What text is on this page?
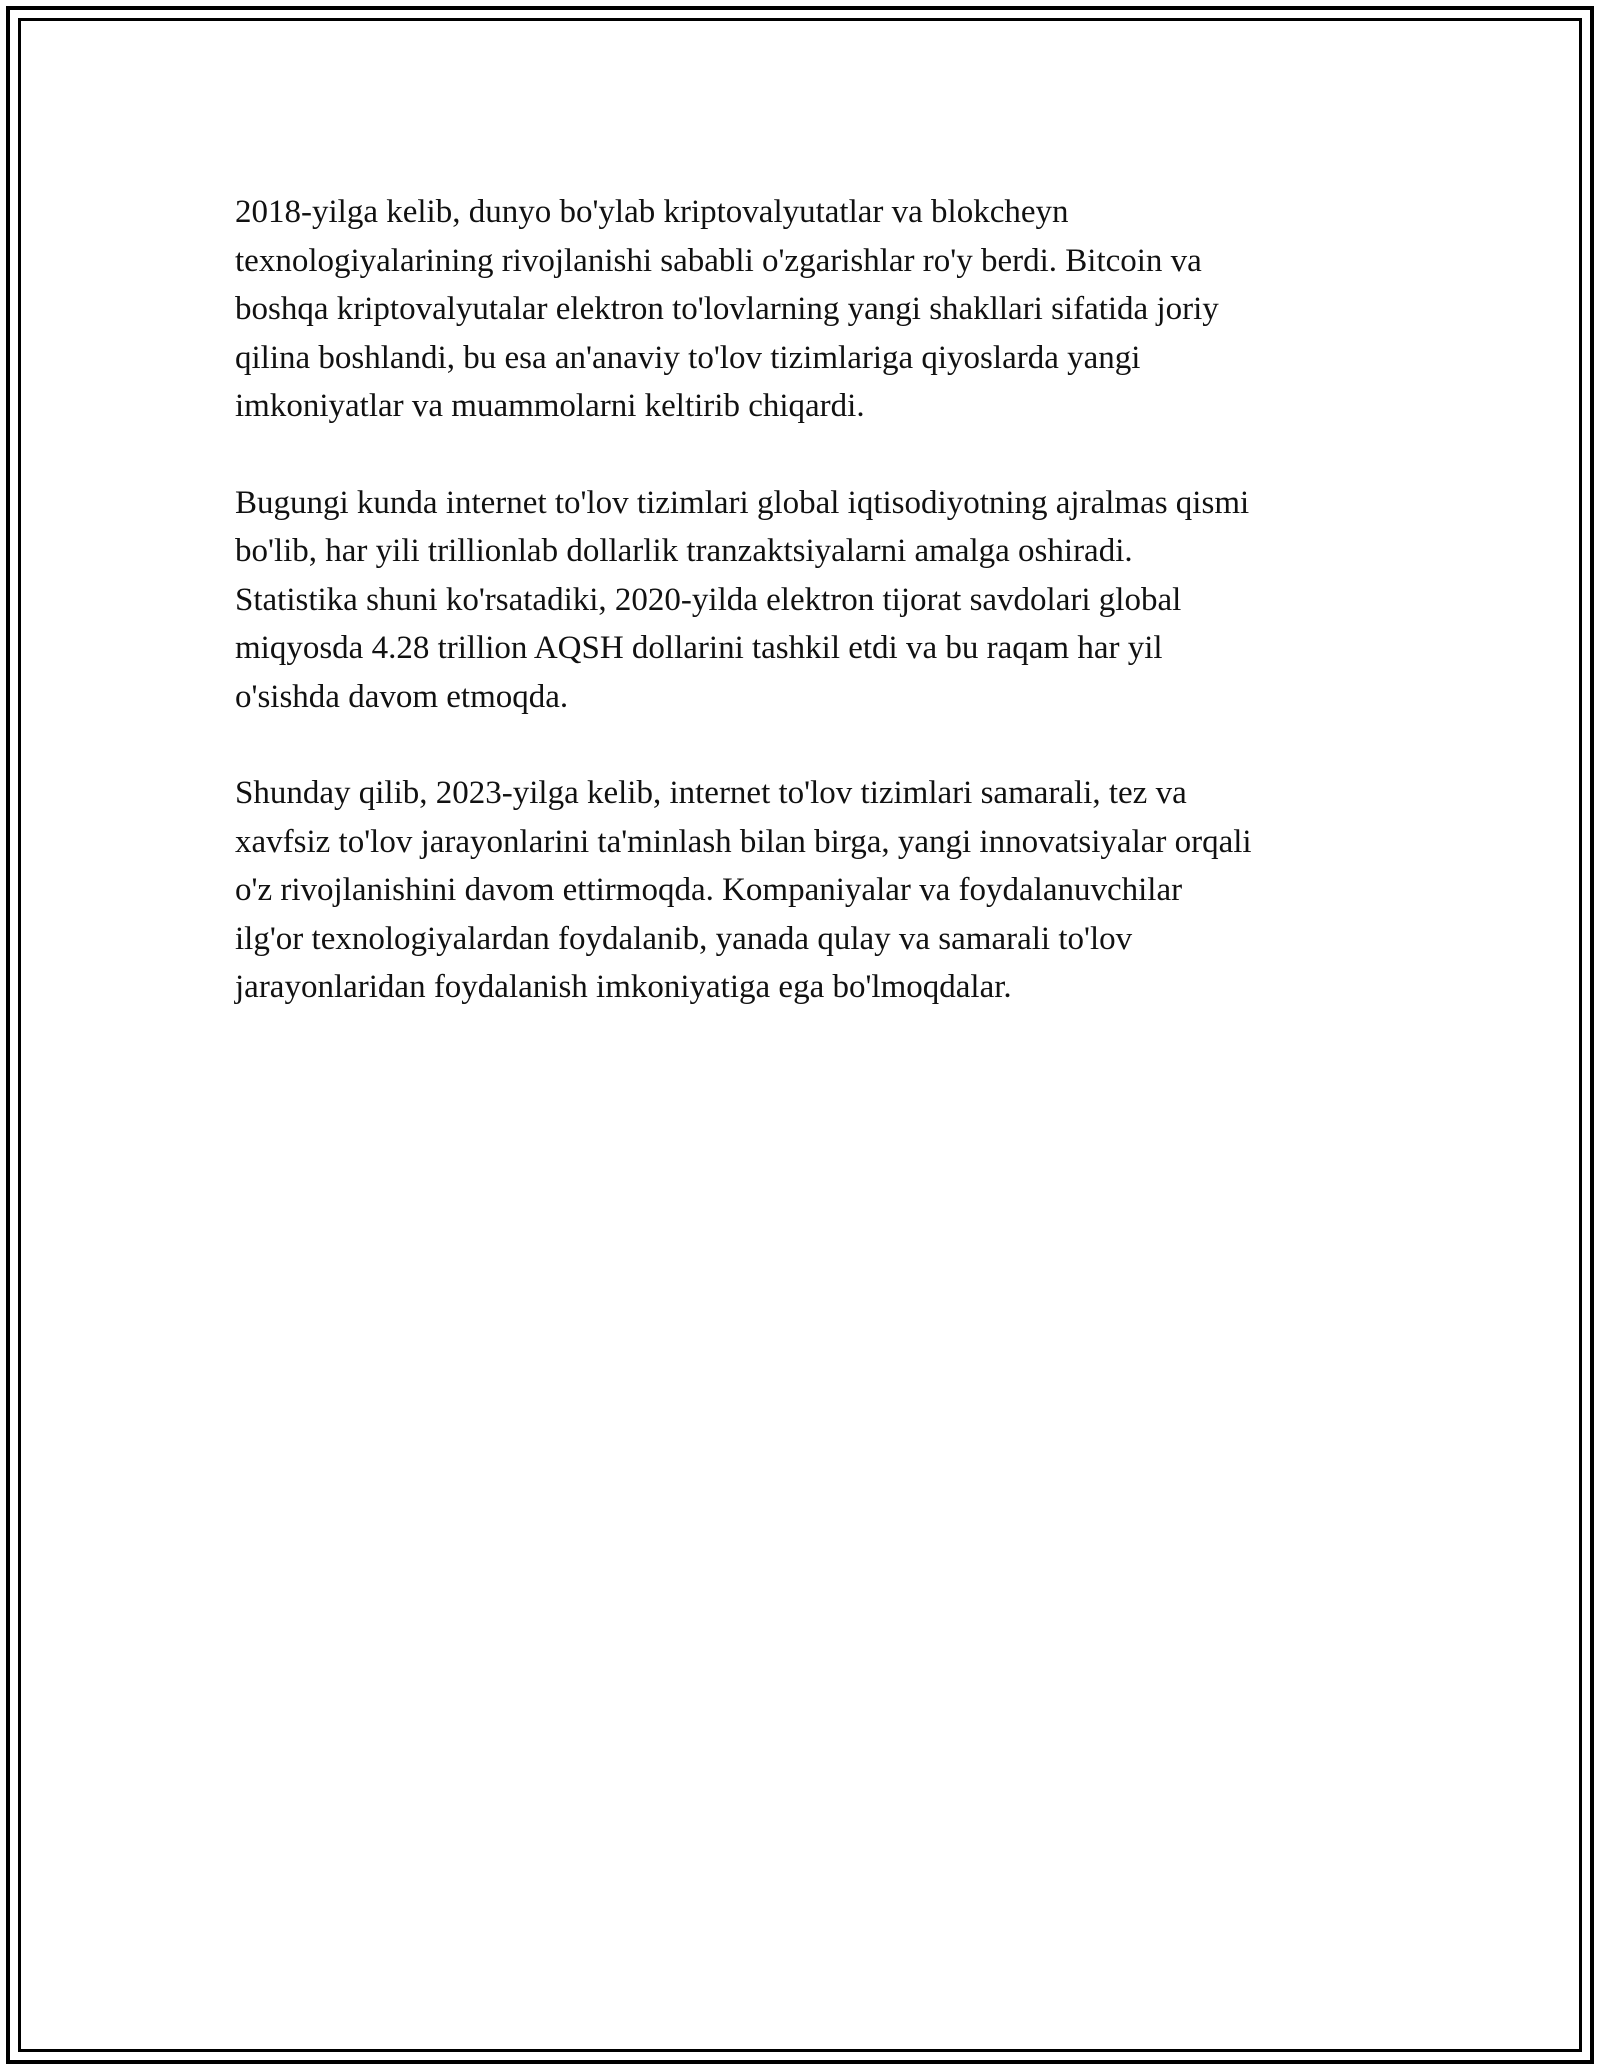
2018-yilga kelib, dunyo bo'ylab kriptovalyutatlar va blokcheyn
texnologiyalarining rivojlanishi sababli o'zgarishlar ro'y berdi. Bitcoin va
boshqa kriptovalyutalar elektron to'lovlarning yangi shakllari sifatida joriy
qilina boshlandi, bu esa an'anaviy to'lov tizimlariga qiyoslarda yangi
imkoniyatlar va muammolarni keltirib chiqardi.

Bugungi kunda internet to'lov tizimlari global iqtisodiyotning ajralmas qismi
bo'lib, har yili trillionlab dollarlik tranzaktsiyalarni amalga oshiradi.
Statistika shuni ko'rsatadiki, 2020-yilda elektron tijorat savdolari global
miqyosda 4.28 trillion AQSH dollarini tashkil etdi va bu raqam har yil
o'sishda davom etmoqda.

Shunday qilib, 2023-yilga kelib, internet to'lov tizimlari samarali, tez va
xavfsiz to'lov jarayonlarini ta'minlash bilan birga, yangi innovatsiyalar orqali
o'z rivojlanishini davom ettirmoqda. Kompaniyalar va foydalanuvchilar
ilg'or texnologiyalardan foydalanib, yanada qulay va samarali to'lov
jarayonlaridan foydalanish imkoniyatiga ega bo'lmoqdalar.
